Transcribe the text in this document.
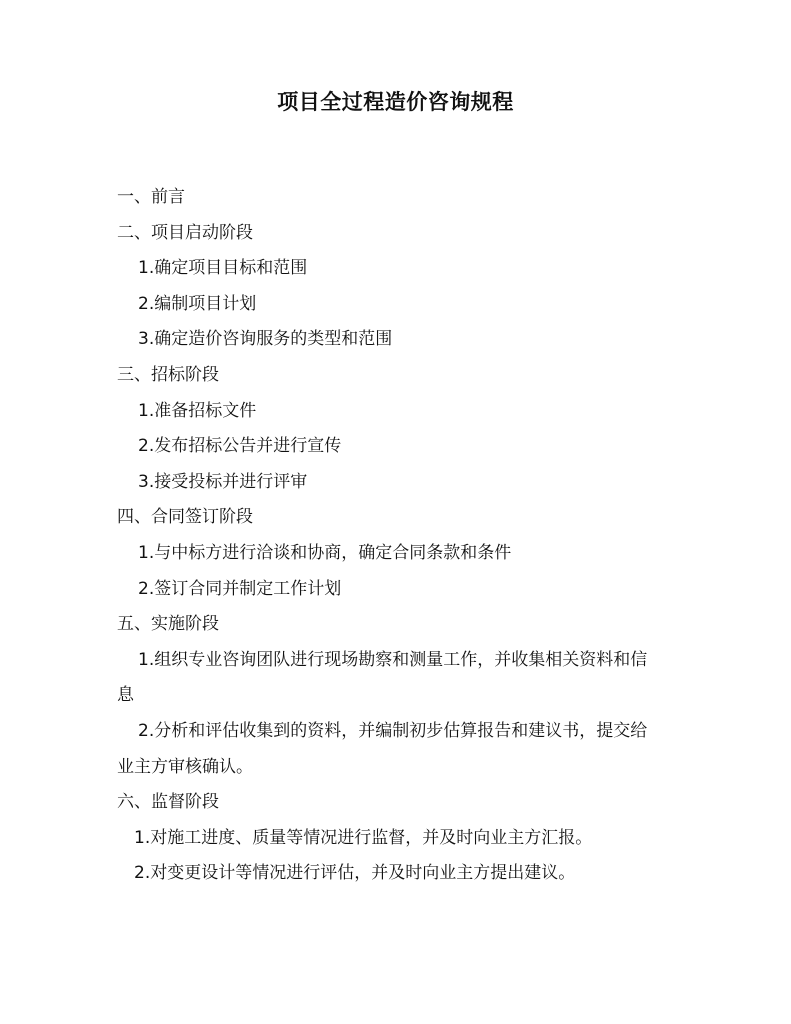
项目全过程造价咨询规程
一、前言
二、项目启动阶段
1.确定项目目标和范围
2.编制项目计划
3.确定造价咨询服务的类型和范围
三、招标阶段
1.准备招标文件
2.发布招标公告并进行宣传
3.接受投标并进行评审
四、合同签订阶段
1.与中标方进行洽谈和协商，确定合同条款和条件
2.签订合同并制定工作计划
五、实施阶段
1.组织专业咨询团队进行现场勘察和测量工作，并收集相关资料和信息
2.分析和评估收集到的资料，并编制初步估算报告和建议书，提交给业主方审核确认。
六、监督阶段
1.对施工进度、质量等情况进行监督，并及时向业主方汇报。
2.对变更设计等情况进行评估，并及时向业主方提出建议。
